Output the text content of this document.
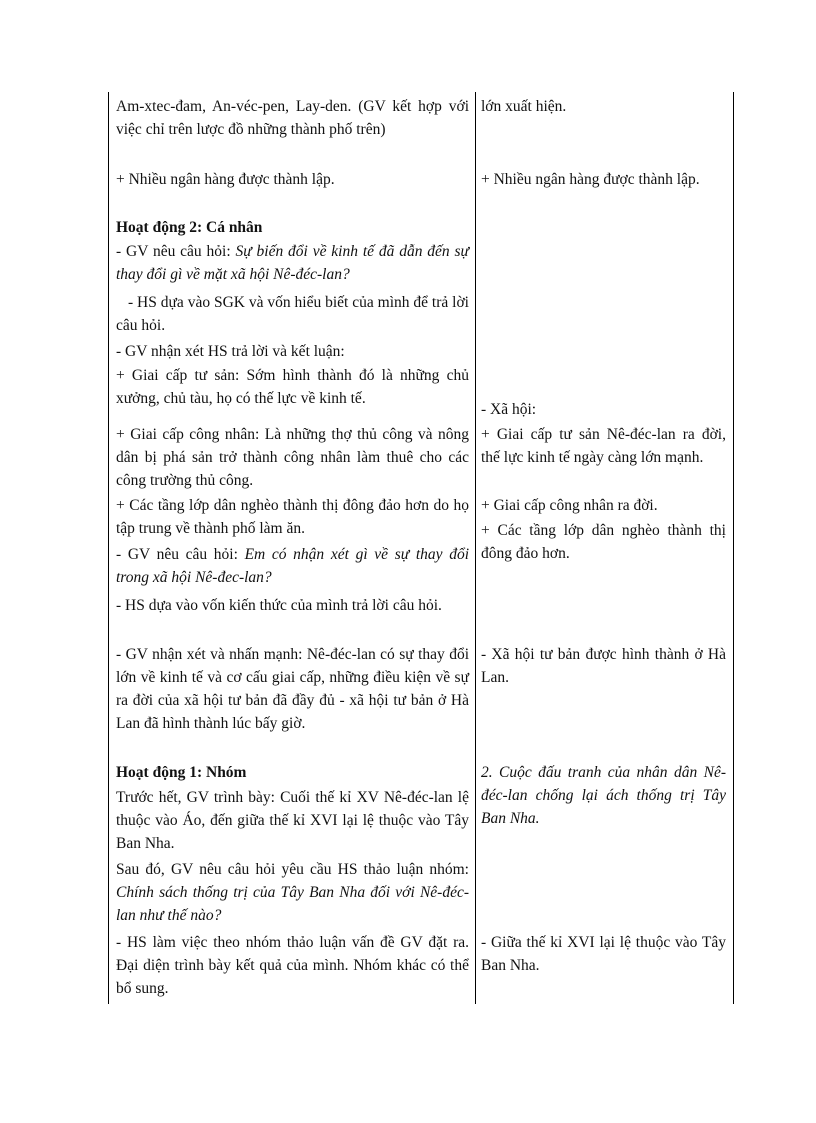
Am-xtec-đam, An-véc-pen, Lay-den. (GV kết hợp với việc chỉ trên lược đồ những thành phố trên)

+ Nhiều ngân hàng được thành lập.

Hoạt động 2: Cá nhân

- GV nêu câu hỏi: Sự biến đổi về kinh tế đã dẫn đến sự thay đổi gì về mặt xã hội Nê-đéc-lan?

- HS dựa vào SGK và vốn hiểu biết của mình để trả lời câu hỏi.

- GV nhận xét HS trả lời và kết luận:

+ Giai cấp tư sản: Sớm hình thành đó là những chủ xưởng, chủ tàu, họ có thế lực về kinh tế.

+ Giai cấp công nhân: Là những thợ thủ công và nông dân bị phá sản trở thành công nhân làm thuê cho các công trường thủ công.

+ Các tầng lớp dân nghèo thành thị đông đảo hơn do họ tập trung về thành phố làm ăn.

- GV nêu câu hỏi: Em có nhận xét gì về sự thay đổi trong xã hội Nê-đec-lan?

- HS dựa vào vốn kiến thức của mình trả lời câu hỏi.

- GV nhận xét và nhấn mạnh: Nê-đéc-lan có sự thay đổi lớn về kinh tế và cơ cấu giai cấp, những điều kiện về sự ra đời của xã hội tư bản đã đầy đủ - xã hội tư bản ở Hà Lan đã hình thành lúc bấy giờ.

Hoạt động 1: Nhóm

Trước hết, GV trình bày: Cuối thế kỉ XV Nê-đéc-lan lệ thuộc vào Áo, đến giữa thế kỉ XVI lại lệ thuộc vào Tây Ban Nha.

Sau đó, GV nêu câu hỏi yêu cầu HS thảo luận nhóm: Chính sách thống trị của Tây Ban Nha đối với Nê-đéc-lan như thế nào?

- HS làm việc theo nhóm thảo luận vấn đề GV đặt ra. Đại diện trình bày kết quả của mình. Nhóm khác có thể bổ sung.

lớn xuất hiện.

+ Nhiều ngân hàng được thành lập.

- Xã hội:

+ Giai cấp tư sản Nê-đéc-lan ra đời, thế lực kinh tế ngày càng lớn mạnh.

+ Giai cấp công nhân ra đời.

+ Các tầng lớp dân nghèo thành thị đông đảo hơn.

- Xã hội tư bản được hình thành ở Hà Lan.

2. Cuộc đấu tranh của nhân dân Nê-đéc-lan chống lại ách thống trị Tây Ban Nha.

- Giữa thế kỉ XVI lại lệ thuộc vào Tây Ban Nha.
